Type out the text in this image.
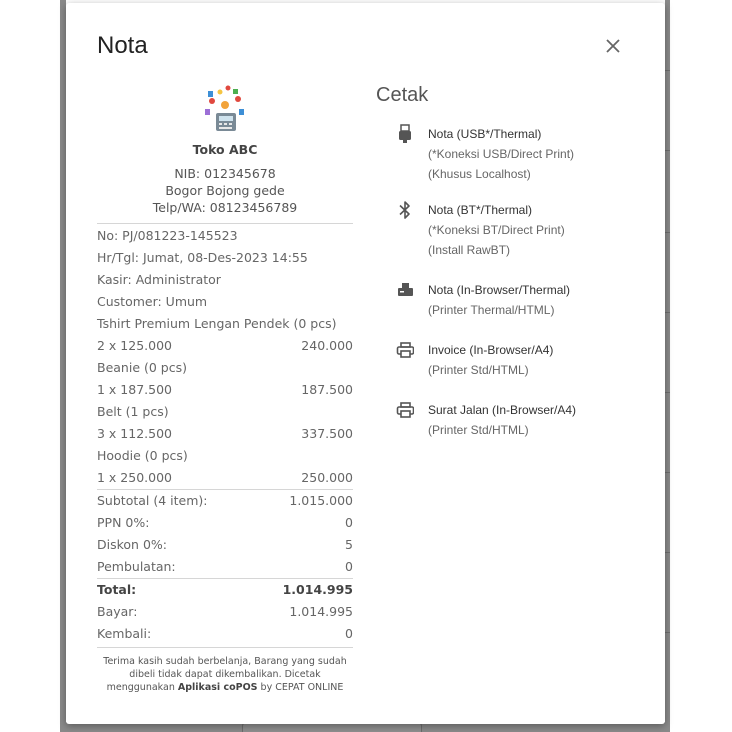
Nota
Toko ABC
NIB: 012345678
Bogor Bojong gede
Telp/WA: 08123456789
No: PJ/081223-145523
Hr/Tgl: Jumat, 08-Des-2023 14:55
Kasir: Administrator
Customer: Umum
Tshirt Premium Lengan Pendek (0 pcs)
2 x 125.000	240.000
Beanie (0 pcs)
1 x 187.500	187.500
Belt (1 pcs)
3 x 112.500	337.500
Hoodie (0 pcs)
1 x 250.000	250.000
Subtotal (4 item):	1.015.000
PPN 0%:	0
Diskon 0%:	5
Pembulatan:	0
Total:	1.014.995
Bayar:	1.014.995
Kembali:	0
Terima kasih sudah berbelanja, Barang yang sudah
dibeli tidak dapat dikembalikan. Dicetak
menggunakan Aplikasi coPOS by CEPAT ONLINE
Cetak
Nota (USB*/Thermal)
(*Koneksi USB/Direct Print)
(Khusus Localhost)
Nota (BT*/Thermal)
(*Koneksi BT/Direct Print)
(Install RawBT)
Nota (In-Browser/Thermal)
(Printer Thermal/HTML)
Invoice (In-Browser/A4)
(Printer Std/HTML)
Surat Jalan (In-Browser/A4)
(Printer Std/HTML)
